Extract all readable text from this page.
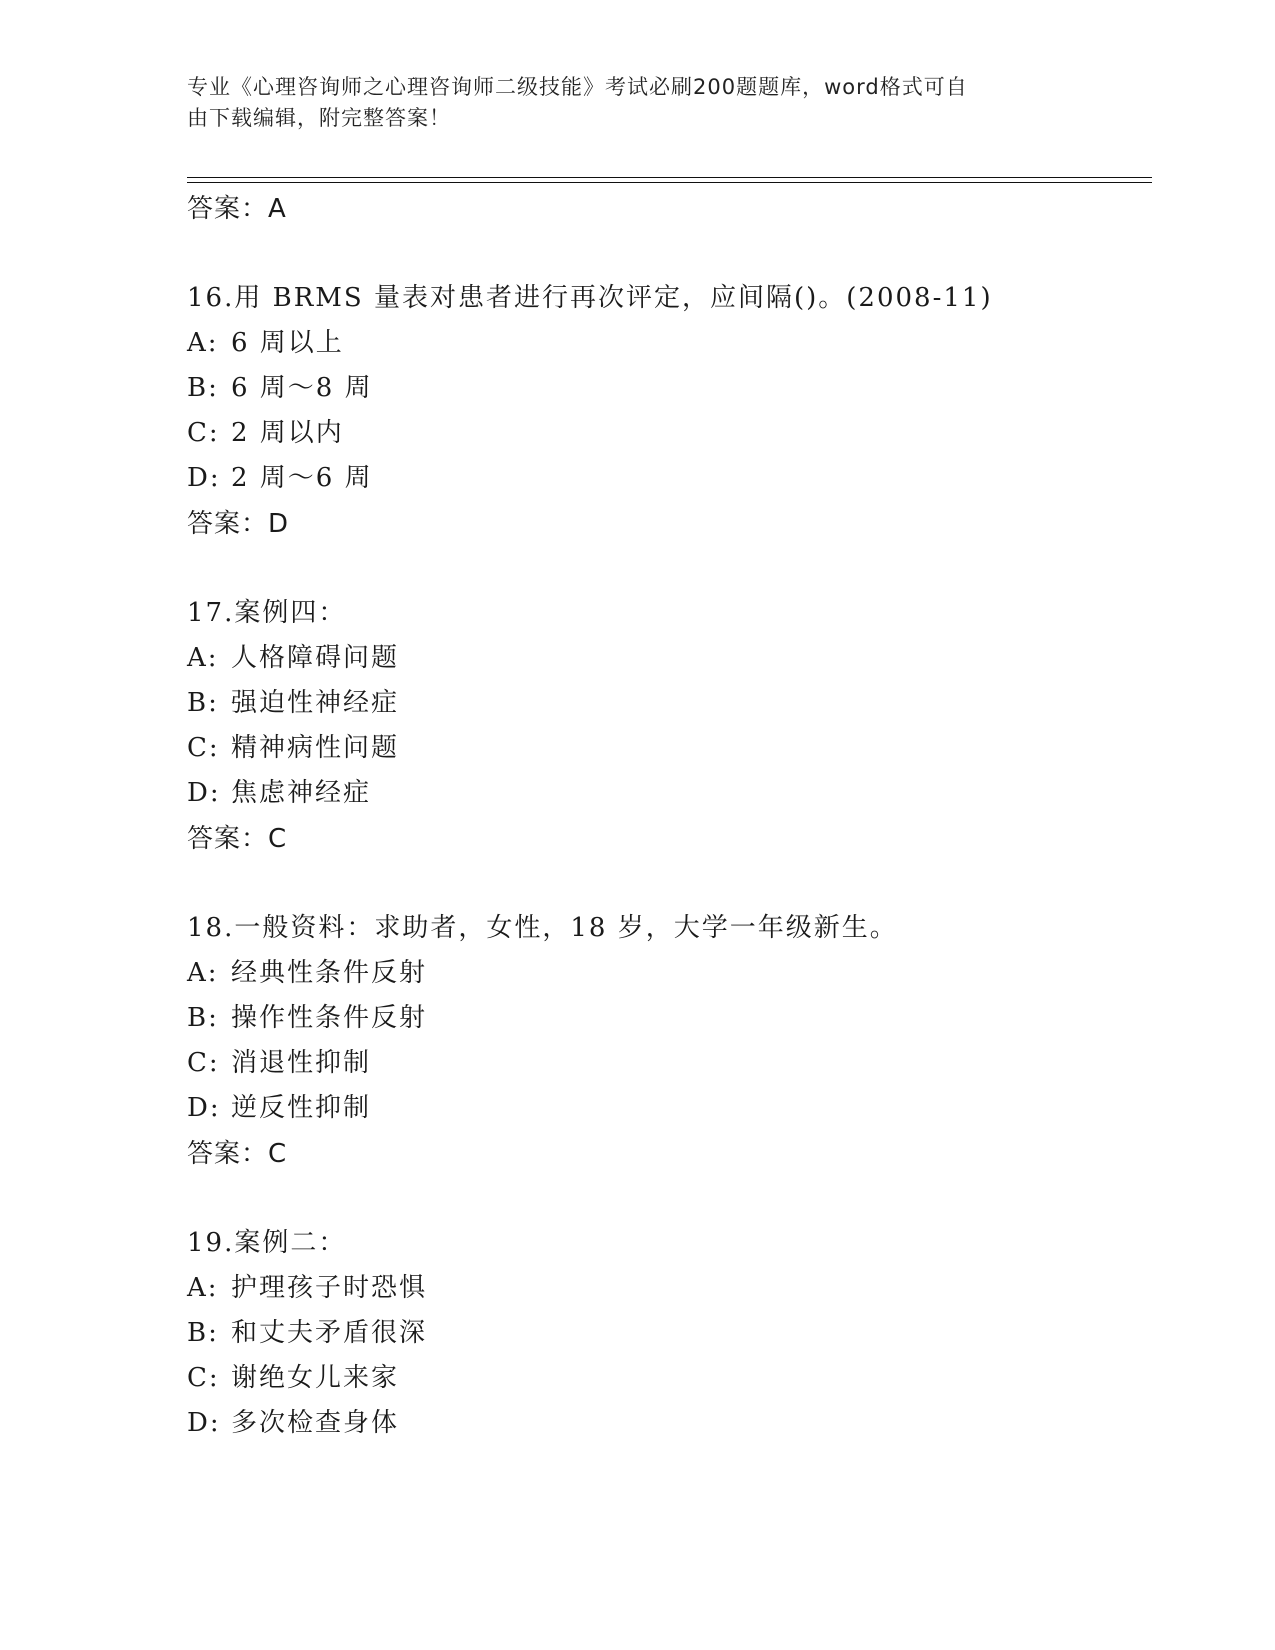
专业《心理咨询师之心理咨询师二级技能》考试必刷200题题库，word格式可自
由下载编辑，附完整答案！
答案：A
16.用 BRMS 量表对患者进行再次评定，应间隔()。(2008-11)
A: 6 周以上
B: 6 周～8 周
C: 2 周以内
D: 2 周～6 周
答案：D
17.案例四：
A: 人格障碍问题
B: 强迫性神经症
C: 精神病性问题
D: 焦虑神经症
答案：C
18.一般资料：求助者，女性，18 岁，大学一年级新生。
A: 经典性条件反射
B: 操作性条件反射
C: 消退性抑制
D: 逆反性抑制
答案：C
19.案例二：
A: 护理孩子时恐惧
B: 和丈夫矛盾很深
C: 谢绝女儿来家
D: 多次检查身体
